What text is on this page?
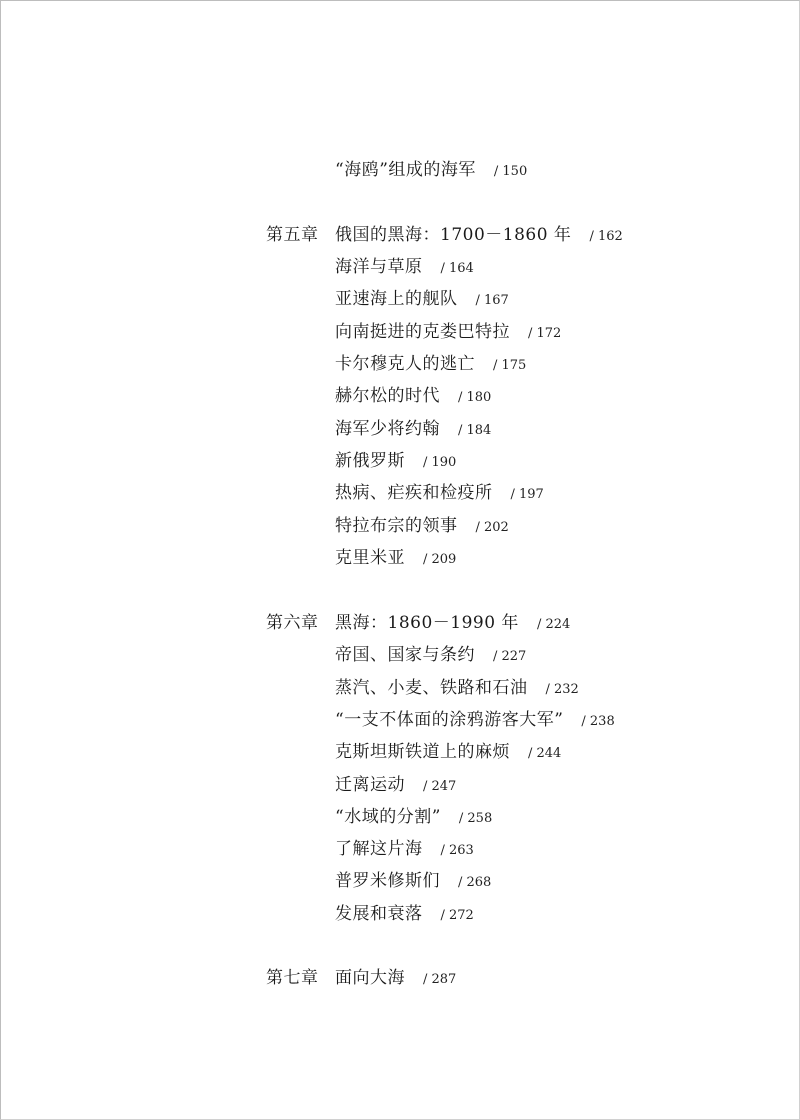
“海鸥”组成的海军 / 150
第五章 俄国的黑海：1700－1860 年 / 162
海洋与草原 / 164
亚速海上的舰队 / 167
向南挺进的克娄巴特拉 / 172
卡尔穆克人的逃亡 / 175
赫尔松的时代 / 180
海军少将约翰 / 184
新俄罗斯 / 190
热病、疟疾和检疫所 / 197
特拉布宗的领事 / 202
克里米亚 / 209
第六章 黑海：1860－1990 年 / 224
帝国、国家与条约 / 227
蒸汽、小麦、铁路和石油 / 232
“一支不体面的涂鸦游客大军” / 238
克斯坦斯铁道上的麻烦 / 244
迁离运动 / 247
“水域的分割” / 258
了解这片海 / 263
普罗米修斯们 / 268
发展和衰落 / 272
第七章 面向大海 / 287
